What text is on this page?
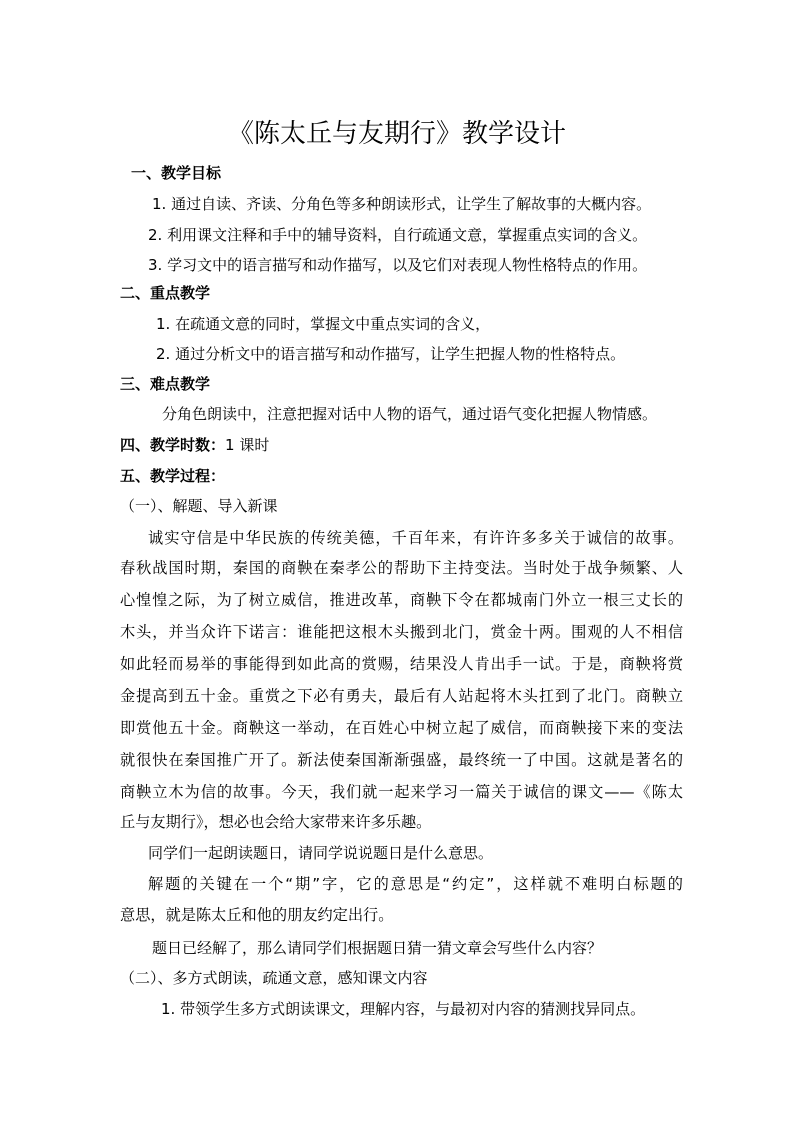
《陈太丘与友期行》教学设计
一、教学目标
1. 通过自读、齐读、分角色等多种朗读形式，让学生了解故事的大概内容。
2. 利用课文注释和手中的辅导资料，自行疏通文意，掌握重点实词的含义。
3. 学习文中的语言描写和动作描写，以及它们对表现人物性格特点的作用。
二、重点教学
1. 在疏通文意的同时，掌握文中重点实词的含义，
2. 通过分析文中的语言描写和动作描写，让学生把握人物的性格特点。
三、难点教学
分角色朗读中，注意把握对话中人物的语气，通过语气变化把握人物情感。
四、教学时数：1 课时
五、教学过程：
（一）、解题、导入新课
诚实守信是中华民族的传统美德，千百年来，有许许多多关于诚信的故事。
春秋战国时期，秦国的商鞅在秦孝公的帮助下主持变法。当时处于战争频繁、人
心惶惶之际，为了树立威信，推进改革，商鞅下令在都城南门外立一根三丈长的
木头，并当众许下诺言：谁能把这根木头搬到北门，赏金十两。围观的人不相信
如此轻而易举的事能得到如此高的赏赐，结果没人肯出手一试。于是，商鞅将赏
金提高到五十金。重赏之下必有勇夫，最后有人站起将木头扛到了北门。商鞅立
即赏他五十金。商鞅这一举动，在百姓心中树立起了威信，而商鞅接下来的变法
就很快在秦国推广开了。新法使秦国渐渐强盛，最终统一了中国。这就是著名的
商鞅立木为信的故事。今天，我们就一起来学习一篇关于诚信的课文——《陈太
丘与友期行》，想必也会给大家带来许多乐趣。
同学们一起朗读题日，请同学说说题日是什么意思。
解题的关键在一个“期”字，它的意思是“约定”，这样就不难明白标题的
意思，就是陈太丘和他的朋友约定出行。
题日已经解了，那么请同学们根据题日猜一猜文章会写些什么内容？
（二）、多方式朗读，疏通文意，感知课文内容
1. 带领学生多方式朗读课文，理解内容，与最初对内容的猜测找异同点。
